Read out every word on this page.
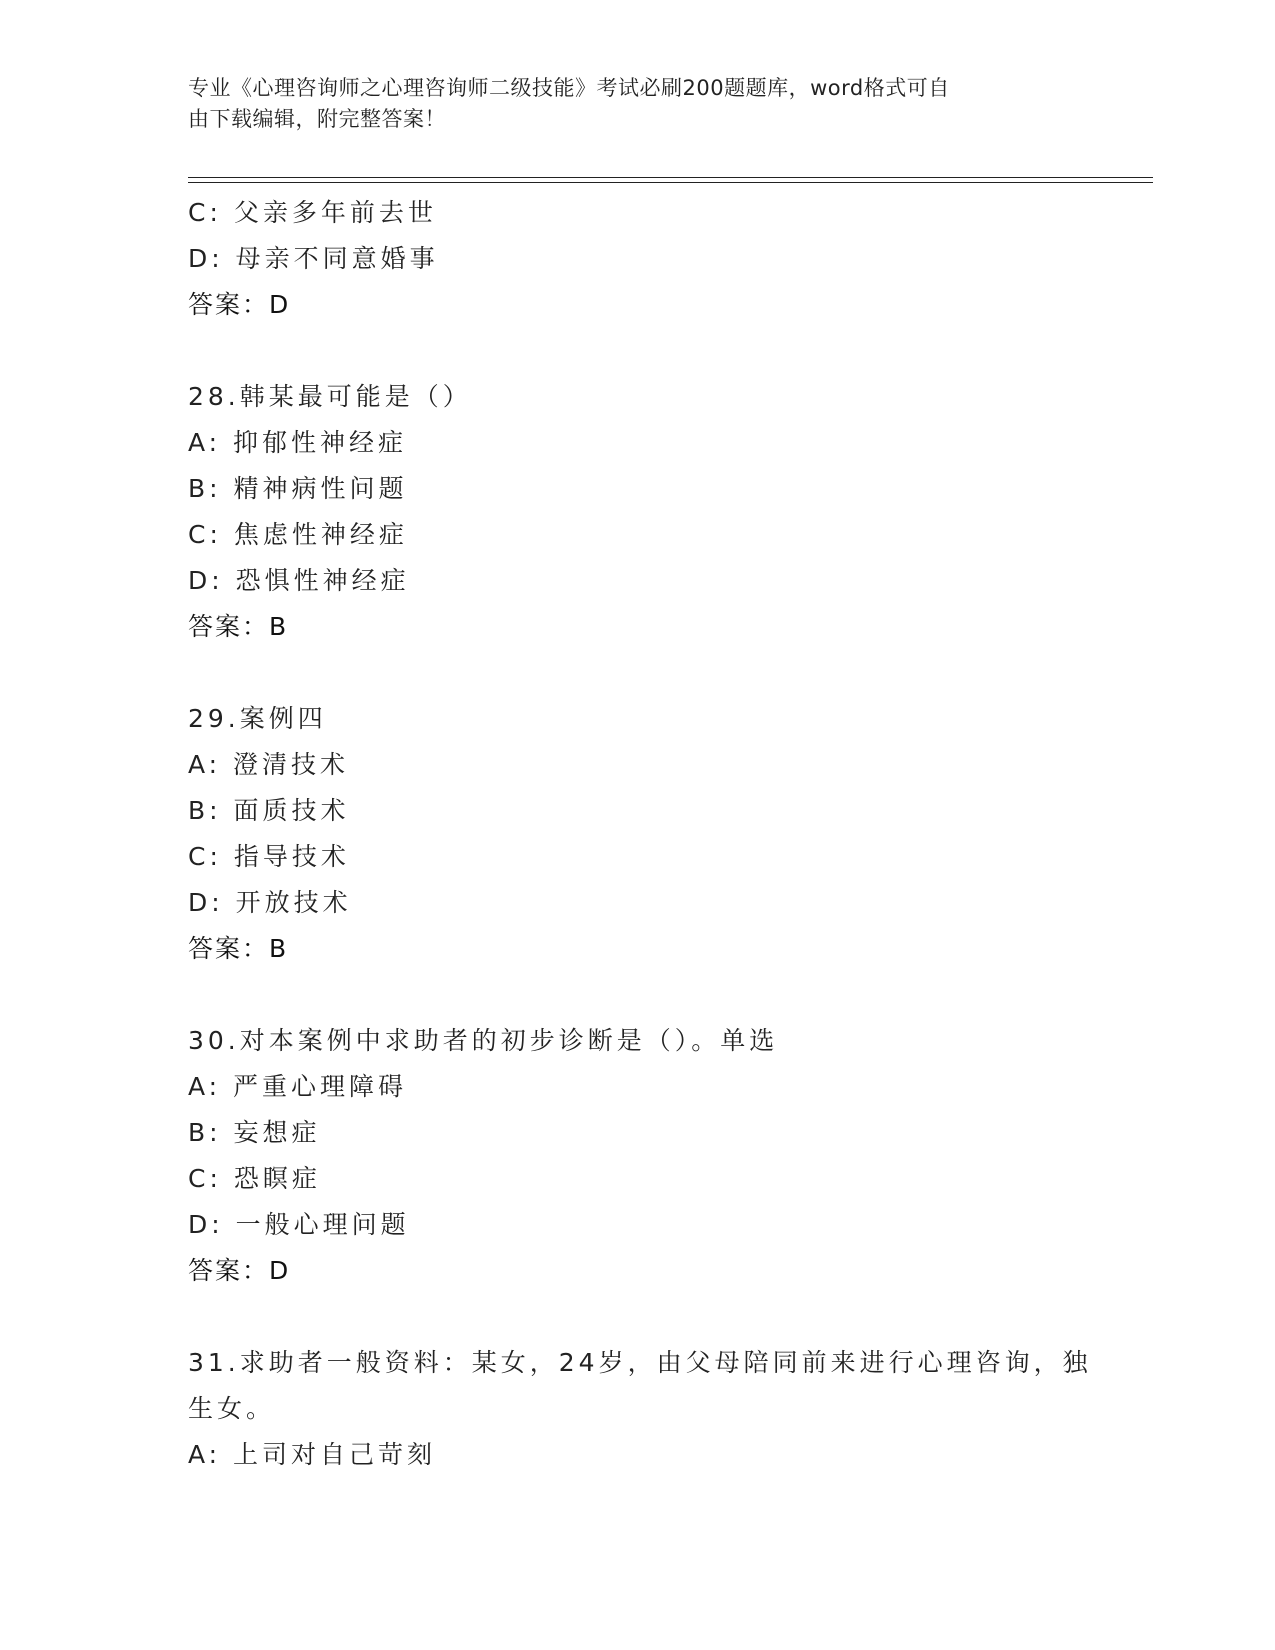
专业《心理咨询师之心理咨询师二级技能》考试必刷200题题库，word格式可自
由下载编辑，附完整答案！
C: 父亲多年前去世
D: 母亲不同意婚事
答案：D
28.韩某最可能是（）
A: 抑郁性神经症
B: 精神病性问题
C: 焦虑性神经症
D: 恐惧性神经症
答案：B
29.案例四
A: 澄清技术
B: 面质技术
C: 指导技术
D: 开放技术
答案：B
30.对本案例中求助者的初步诊断是（）。单选
A: 严重心理障碍
B: 妄想症
C: 恐瞑症
D: 一般心理问题
答案：D
31.求助者一般资料：某女，24岁，由父母陪同前来进行心理咨询，独
生女。
A: 上司对自己苛刻
